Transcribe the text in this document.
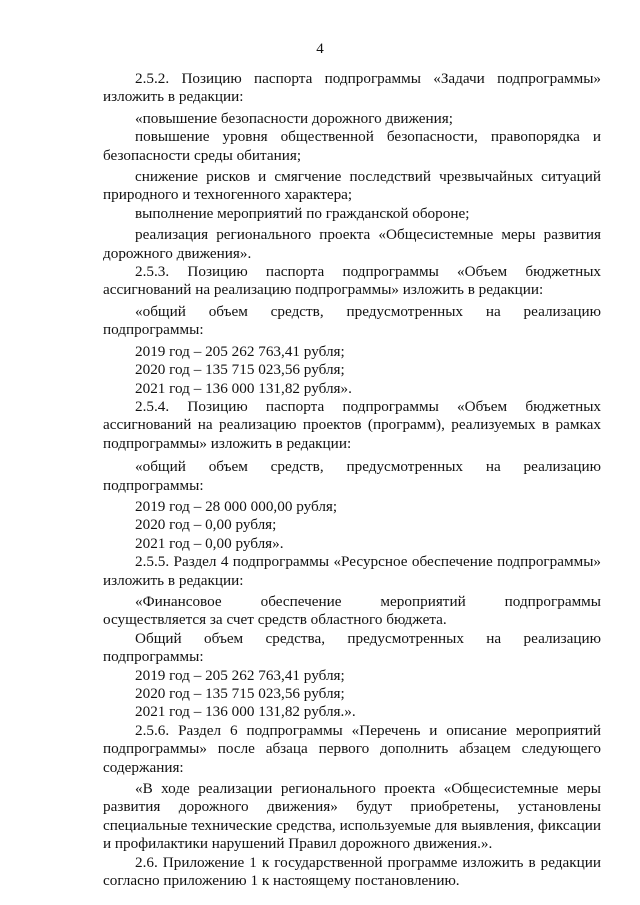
4

2.5.2. Позицию паспорта подпрограммы «Задачи подпрограммы» изложить в редакции:

«повышение безопасности дорожного движения;

повышение уровня общественной безопасности, правопорядка и безопасности среды обитания;

снижение рисков и смягчение последствий чрезвычайных ситуаций природного и техногенного характера;

выполнение мероприятий по гражданской обороне;

реализация регионального проекта «Общесистемные меры развития дорожного движения».

2.5.3. Позицию паспорта подпрограммы «Объем бюджетных ассигнований на реализацию подпрограммы» изложить в редакции:

«общий объем средств, предусмотренных на реализацию подпрограммы:

2019 год – 205 262 763,41 рубля;

2020 год – 135 715 023,56 рубля;

2021 год – 136 000 131,82 рубля».

2.5.4. Позицию паспорта подпрограммы «Объем бюджетных ассигнований на реализацию проектов (программ), реализуемых в рамках подпрограммы» изложить в редакции:

«общий объем средств, предусмотренных на реализацию подпрограммы:

2019 год – 28 000 000,00 рубля;

2020 год – 0,00 рубля;

2021 год – 0,00 рубля».

2.5.5. Раздел 4 подпрограммы «Ресурсное обеспечение подпрограммы» изложить в редакции:

«Финансовое обеспечение мероприятий подпрограммы осуществляется за счет средств областного бюджета.

Общий объем средства, предусмотренных на реализацию подпрограммы:

2019 год – 205 262 763,41 рубля;

2020 год – 135 715 023,56 рубля;

2021 год – 136 000 131,82 рубля.».

2.5.6. Раздел 6 подпрограммы «Перечень и описание мероприятий подпрограммы» после абзаца первого дополнить абзацем следующего содержания:

«В ходе реализации регионального проекта «Общесистемные меры развития дорожного движения» будут приобретены, установлены специальные технические средства, используемые для выявления, фиксации и профилактики нарушений Правил дорожного движения.».

2.6. Приложение 1 к государственной программе изложить в редакции согласно приложению 1 к настоящему постановлению.
